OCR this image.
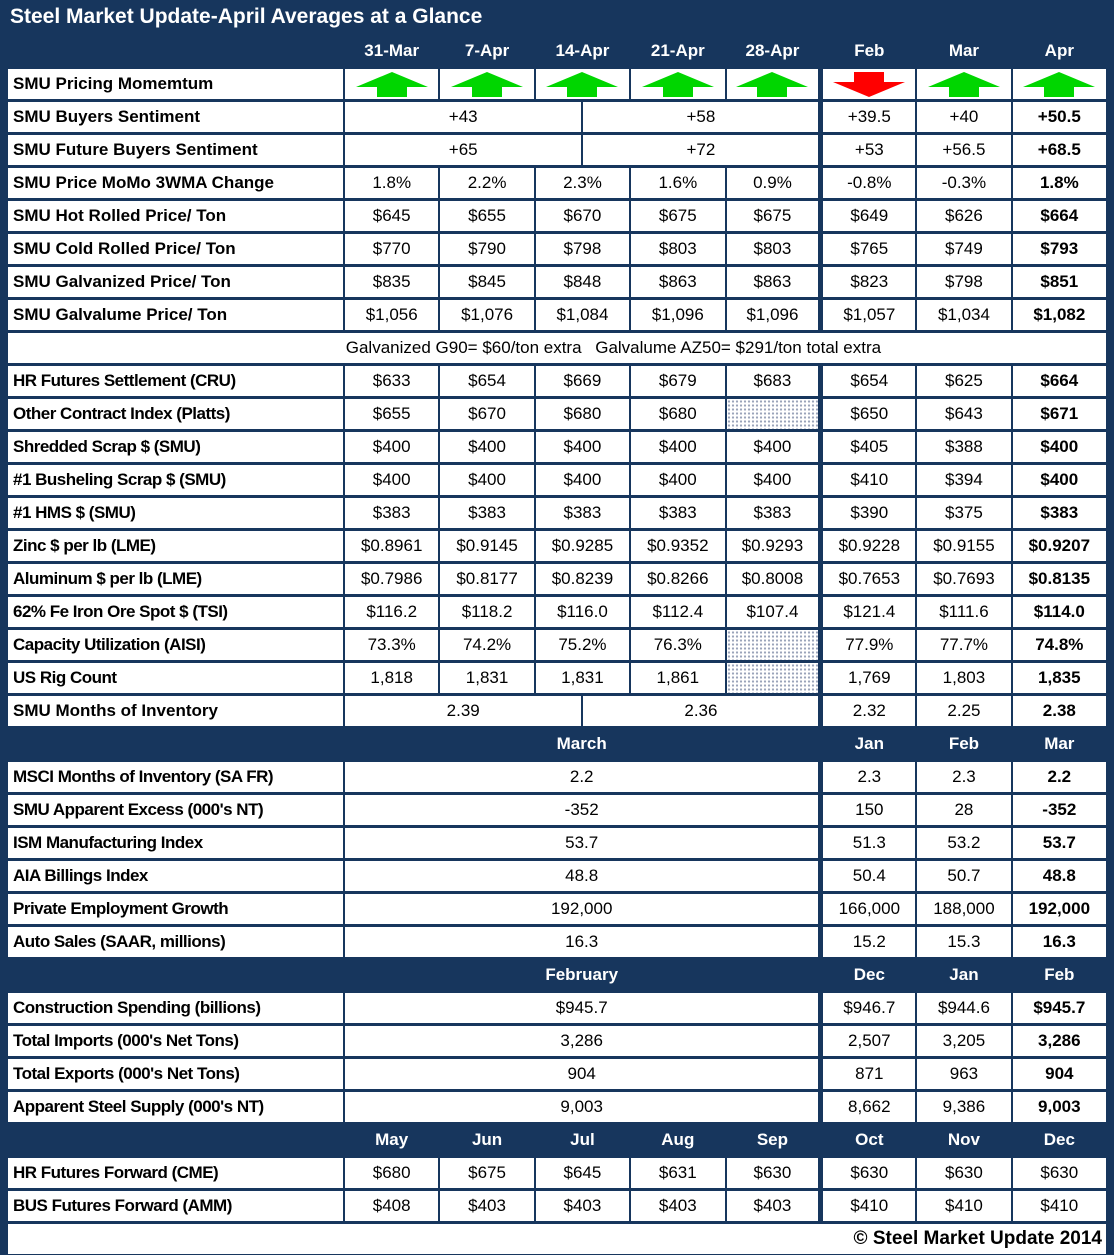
Steel Market Update-April Averages at a Glance
	31-Mar	7-Apr	14-Apr		21-Apr	28-Apr	Feb	Mar	Apr
SMU Pricing Momemtum								
SMU Buyers Sentiment	+43			+58			+39.5	+40	+50.5
SMU Future Buyers Sentiment	+65			+72			+53	+56.5	+68.5
SMU Price MoMo 3WMA Change	1.8%	2.2%	2.3%		1.6%	0.9%	-0.8%	-0.3%	1.8%
SMU Hot Rolled Price/ Ton	$645	$655	$670		$675	$675	$649	$626	$664
SMU Cold Rolled Price/ Ton	$770	$790	$798		$803	$803	$765	$749	$793
SMU Galvanized Price/ Ton	$835	$845	$848		$863	$863	$823	$798	$851
SMU Galvalume Price/ Ton	$1,056	$1,076	$1,084		$1,096	$1,096	$1,057	$1,034	$1,082

Galvanized G90= $60/ton extra Galvalume AZ50= $291/ton total extra									

HR Futures Settlement (CRU)	$633	$654	$669		$679	$683	$654	$625	$664
Other Contract Index (Platts)	$655	$670	$680		$680		$650	$643	$671
Shredded Scrap $ (SMU)	$400	$400	$400		$400	$400	$405	$388	$400
#1 Busheling Scrap $ (SMU)	$400	$400	$400		$400	$400	$410	$394	$400
#1 HMS $ (SMU)	$383	$383	$383		$383	$383	$390	$375	$383
Zinc $ per lb (LME)	$0.8961	$0.9145	$0.9285		$0.9352	$0.9293	$0.9228	$0.9155	$0.9207
Aluminum $ per lb (LME)	$0.7986	$0.8177	$0.8239		$0.8266	$0.8008	$0.7653	$0.7693	$0.8135
62% Fe Iron Ore Spot $ (TSI)	$116.2	$118.2	$116.0		$112.4	$107.4	$121.4	$111.6	$114.0
Capacity Utilization (AISI)	73.3%	74.2%	75.2%		76.3%		77.9%	77.7%	74.8%
US Rig Count	1,818	1,831	1,831		1,861		1,769	1,803	1,835
SMU Months of Inventory	2.39			2.36			2.32	2.25	2.38
	March						Jan	Feb	Mar
MSCI Months of Inventory (SA FR)	2.2						2.3	2.3	2.2
SMU Apparent Excess (000's NT)	-352						150	28	-352
ISM Manufacturing Index	53.7						51.3	53.2	53.7
AIA Billings Index	48.8						50.4	50.7	48.8
Private Employment Growth	192,000						166,000	188,000	192,000
Auto Sales (SAAR, millions)	16.3						15.2	15.3	16.3
	February						Dec	Jan	Feb
Construction Spending (billions)	$945.7						$946.7	$944.6	$945.7
Total Imports (000's Net Tons)	3,286						2,507	3,205	3,286
Total Exports (000's Net Tons)	904						871	963	904
Apparent Steel Supply (000's NT)	9,003						8,662	9,386	9,003
	May	Jun	Jul		Aug	Sep	Oct	Nov	Dec
HR Futures Forward (CME)	$680	$675	$645		$631	$630	$630	$630	$630
BUS Futures Forward (AMM)	$408	$403	$403		$403	$403	$410	$410	$410
© Steel Market Update 2014									
